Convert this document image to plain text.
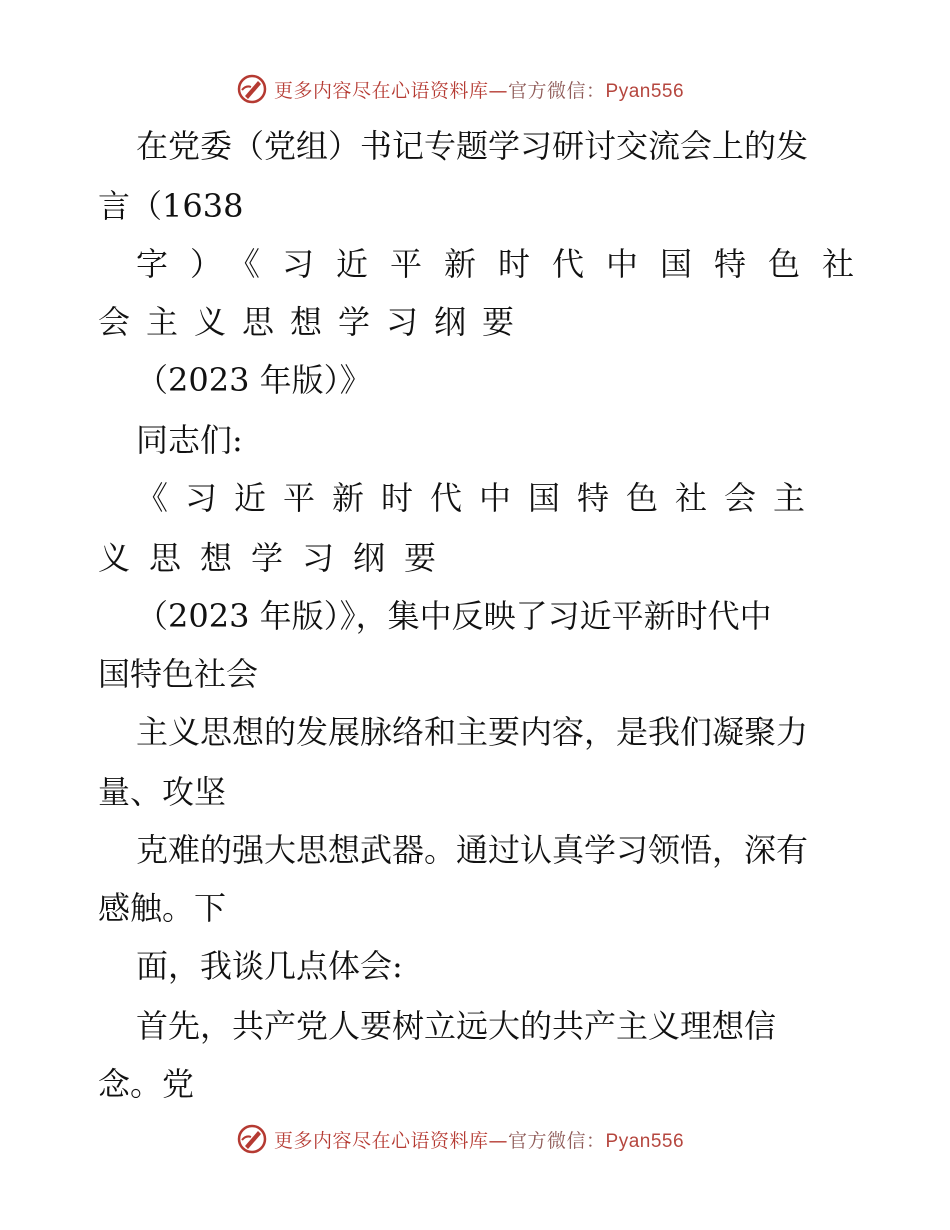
更多内容尽在心语资料库—官方微信：Pyan556
在党委（党组）书记专题学习研讨交流会上的发
言（1638
字）《习近平新时代中国特色社
会主义思想学习纲要
（2023 年版）》
同志们:
《习近平新时代中国特色社会主
义思想学习纲要
（2023 年版）》，集中反映了习近平新时代中
国特色社会
主义思想的发展脉络和主要内容，是我们凝聚力
量、攻坚
克难的强大思想武器。通过认真学习领悟，深有
感触。下
面，我谈几点体会:
首先，共产党人要树立远大的共产主义理想信
念。党
更多内容尽在心语资料库—官方微信：Pyan556
